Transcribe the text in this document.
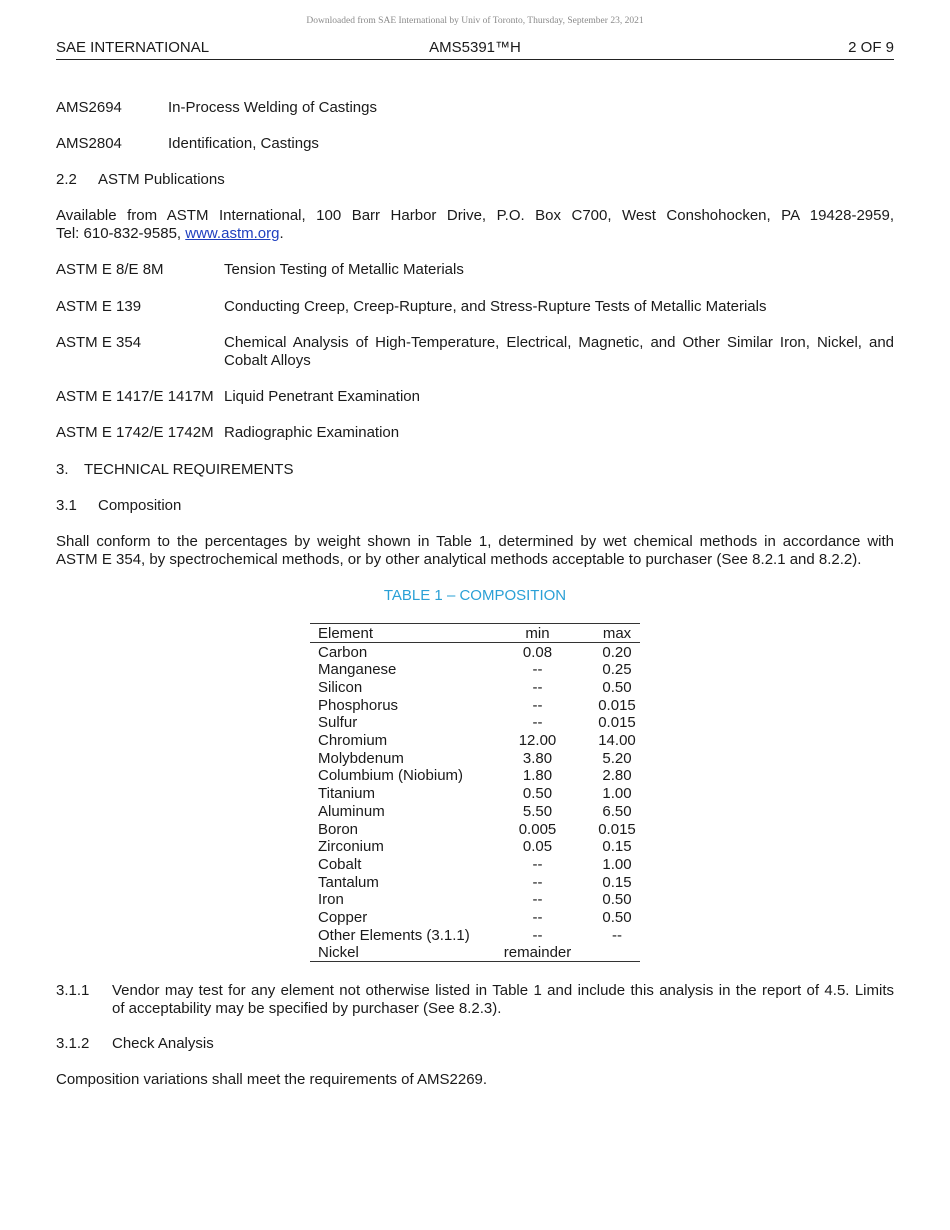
Downloaded from SAE International by Univ of Toronto, Thursday, September 23, 2021
SAE INTERNATIONAL	AMS5391™H	2 OF 9
AMS2694	In-Process Welding of Castings
AMS2804	Identification, Castings
2.2 ASTM Publications
Available from ASTM International, 100 Barr Harbor Drive, P.O. Box C700, West Conshohocken, PA 19428-2959,
Tel: 610-832-9585, www.astm.org.
ASTM E 8/E 8M	Tension Testing of Metallic Materials
ASTM E 139	Conducting Creep, Creep-Rupture, and Stress-Rupture Tests of Metallic Materials
ASTM E 354	Chemical Analysis of High-Temperature, Electrical, Magnetic, and Other Similar Iron, Nickel, and
Cobalt Alloys
ASTM E 1417/E 1417M Liquid Penetrant Examination
ASTM E 1742/E 1742M Radiographic Examination
3. TECHNICAL REQUIREMENTS
3.1 Composition
Shall conform to the percentages by weight shown in Table 1, determined by wet chemical methods in accordance with
ASTM E 354, by spectrochemical methods, or by other analytical methods acceptable to purchaser (See 8.2.1 and 8.2.2).
TABLE 1 – COMPOSITION
Element	min	max
Carbon	0.08	0.20
Manganese	--	0.25
Silicon	--	0.50
Phosphorus	--	0.015
Sulfur	--	0.015
Chromium	12.00	14.00
Molybdenum	3.80	5.20
Columbium (Niobium)	1.80	2.80
Titanium	0.50	1.00
Aluminum	5.50	6.50
Boron	0.005	0.015
Zirconium	0.05	0.15
Cobalt	--	1.00
Tantalum	--	0.15
Iron	--	0.50
Copper	--	0.50
Other Elements (3.1.1)	--	--
Nickel	remainder
3.1.1 Vendor may test for any element not otherwise listed in Table 1 and include this analysis in the report of 4.5. Limits
of acceptability may be specified by purchaser (See 8.2.3).
3.1.2 Check Analysis
Composition variations shall meet the requirements of AMS2269.
